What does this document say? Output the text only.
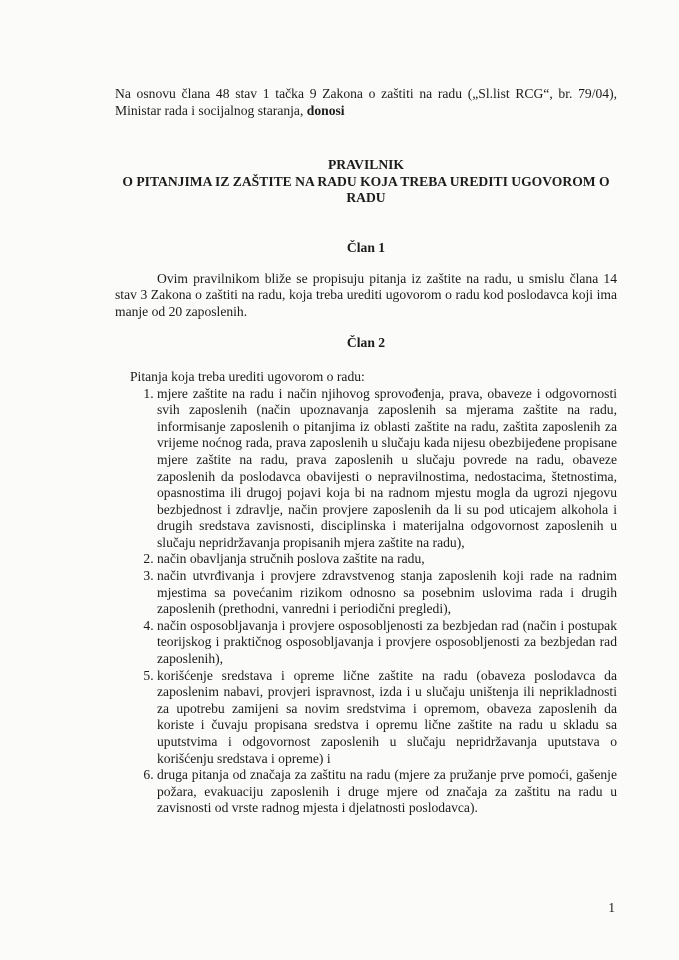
Na osnovu člana 48 stav 1 tačka 9 Zakona o zaštiti na radu („Sl.list RCG“, br. 79/04), Ministar rada i socijalnog staranja, donosi

PRAVILNIK
O PITANJIMA IZ ZAŠTITE NA RADU KOJA TREBA UREDITI UGOVOROM O RADU
Član 1

Ovim pravilnikom bliže se propisuju pitanja iz zaštite na radu, u smislu člana 14 stav 3 Zakona o zaštiti na radu, koja treba urediti ugovorom o radu kod poslodavca koji ima manje od 20 zaposlenih.

Član 2

Pitanja koja treba urediti ugovorom o radu:

1. mjere zaštite na radu i način njihovog sprovođenja, prava, obaveze i odgovornosti svih zaposlenih (način upoznavanja zaposlenih sa mjerama zaštite na radu, informisanje zaposlenih o pitanjima iz oblasti zaštite na radu, zaštita zaposlenih za vrijeme noćnog rada, prava zaposlenih u slučaju kada nijesu obezbijeđene propisane mjere zaštite na radu, prava zaposlenih u slučaju povrede na radu, obaveze zaposlenih da poslodavca obavijesti o nepravilnostima, nedostacima, štetnostima, opasnostima ili drugoj pojavi koja bi na radnom mjestu mogla da ugrozi njegovu bezbjednost i zdravlje, način provjere zaposlenih da li su pod uticajem alkohola i drugih sredstava zavisnosti, disciplinska i materijalna odgovornost zaposlenih u slučaju nepridržavanja propisanih mjera zaštite na radu),
2. način obavljanja stručnih poslova zaštite na radu,
3. način utvrđivanja i provjere zdravstvenog stanja zaposlenih koji rade na radnim mjestima sa povećanim rizikom odnosno sa posebnim uslovima rada i drugih zaposlenih (prethodni, vanredni i periodični pregledi),
4. način osposobljavanja i provjere osposobljenosti za bezbjedan rad (način i postupak teorijskog i praktičnog osposobljavanja i provjere osposobljenosti za bezbjedan rad zaposlenih),
5. korišćenje sredstava i opreme lične zaštite na radu (obaveza poslodavca da zaposlenim nabavi, provjeri ispravnost, izda i u slučaju uništenja ili neprikladnosti za upotrebu zamijeni sa novim sredstvima i opremom, obaveza zaposlenih da koriste i čuvaju propisana sredstva i opremu lične zaštite na radu u skladu sa uputstvima i odgovornost zaposlenih u slučaju nepridržavanja uputstava o korišćenju sredstava i opreme) i
6. druga pitanja od značaja za zaštitu na radu (mjere za pružanje prve pomoći, gašenje požara, evakuaciju zaposlenih i druge mjere od značaja za zaštitu na radu u zavisnosti od vrste radnog mjesta i djelatnosti poslodavca).
1
